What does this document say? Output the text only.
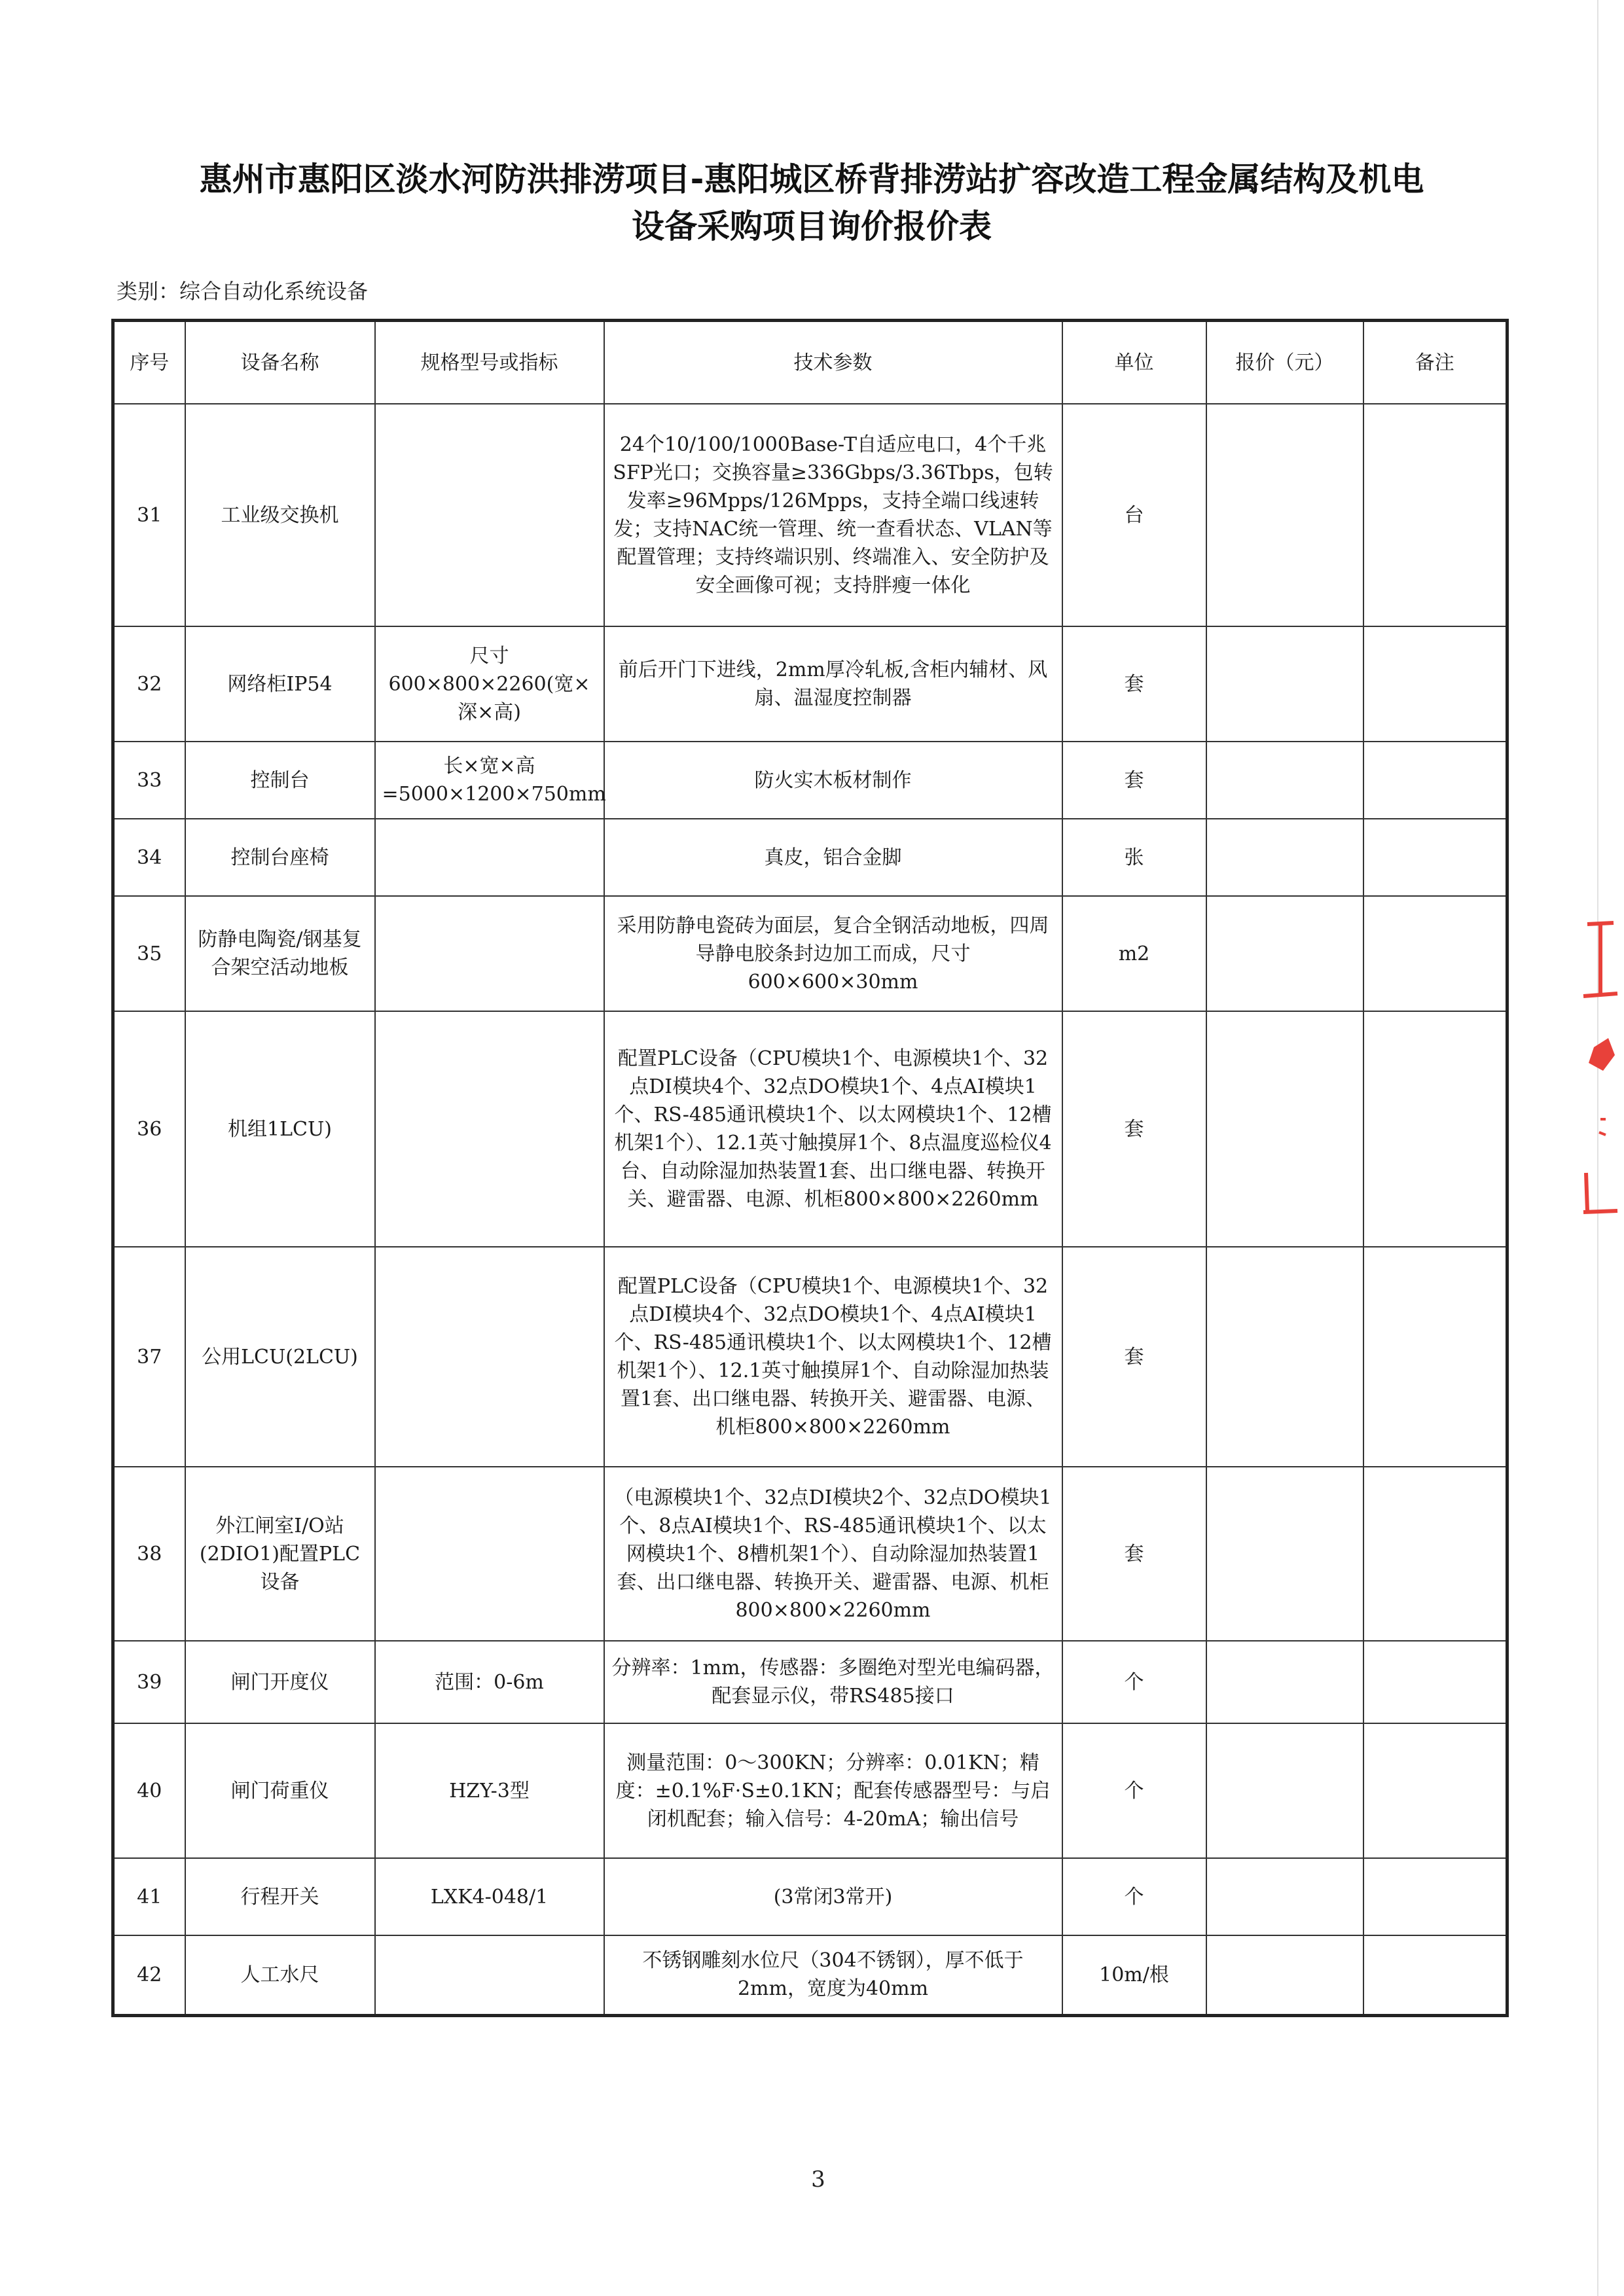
惠州市惠阳区淡水河防洪排涝项目-惠阳城区桥背排涝站扩容改造工程金属结构及机电
设备采购项目询价报价表
类别：综合自动化系统设备
序号	设备名称	规格型号或指标	技术参数	单位	报价（元）	备注
31	工业级交换机		24个10/100/1000Base-T自适应电口，4个千兆SFP光口；交换容量≥336Gbps/3.36Tbps，包转发率≥96Mpps/126Mpps，支持全端口线速转发；支持NAC统一管理、统一查看状态、VLAN等配置管理；支持终端识别、终端准入、安全防护及安全画像可视；支持胖瘦一体化	台		
32	网络柜IP54	尺寸600×800×2260(宽×深×高)	前后开门下进线，2mm厚冷轧板,含柜内辅材、风扇、温湿度控制器	套		
33	控制台	长×宽×高=5000×1200×750mm	防火实木板材制作	套		
34	控制台座椅		真皮，铝合金脚	张		
35	防静电陶瓷/钢基复合架空活动地板		采用防静电瓷砖为面层，复合全钢活动地板，四周导静电胶条封边加工而成，尺寸600×600×30mm	m2		
36	机组1LCU)		配置PLC设备（CPU模块1个、电源模块1个、32点DI模块4个、32点DO模块1个、4点AI模块1个、RS-485通讯模块1个、以太网模块1个、12槽机架1个）、12.1英寸触摸屏1个、8点温度巡检仪4台、自动除湿加热装置1套、出口继电器、转换开关、避雷器、电源、机柜800×800×2260mm	套		
37	公用LCU(2LCU)		配置PLC设备（CPU模块1个、电源模块1个、32点DI模块4个、32点DO模块1个、4点AI模块1个、RS-485通讯模块1个、以太网模块1个、12槽机架1个）、12.1英寸触摸屏1个、自动除湿加热装置1套、出口继电器、转换开关、避雷器、电源、机柜800×800×2260mm	套		
38	外江闸室I/O站(2DIO1)配置PLC设备		（电源模块1个、32点DI模块2个、32点DO模块1个、8点AI模块1个、RS-485通讯模块1个、以太网模块1个、8槽机架1个）、自动除湿加热装置1套、出口继电器、转换开关、避雷器、电源、机柜800×800×2260mm	套		
39	闸门开度仪	范围：0-6m	分辨率：1mm，传感器：多圈绝对型光电编码器，配套显示仪，带RS485接口	个		
40	闸门荷重仪	HZY-3型	测量范围：0～300KN；分辨率：0.01KN；精度：±0.1%F·S±0.1KN；配套传感器型号：与启闭机配套；输入信号：4-20mA；输出信号	个		
41	行程开关	LXK4-048/1	(3常闭3常开)	个		
42	人工水尺		不锈钢雕刻水位尺（304不锈钢），厚不低于2mm，宽度为40mm	10m/根		
3
